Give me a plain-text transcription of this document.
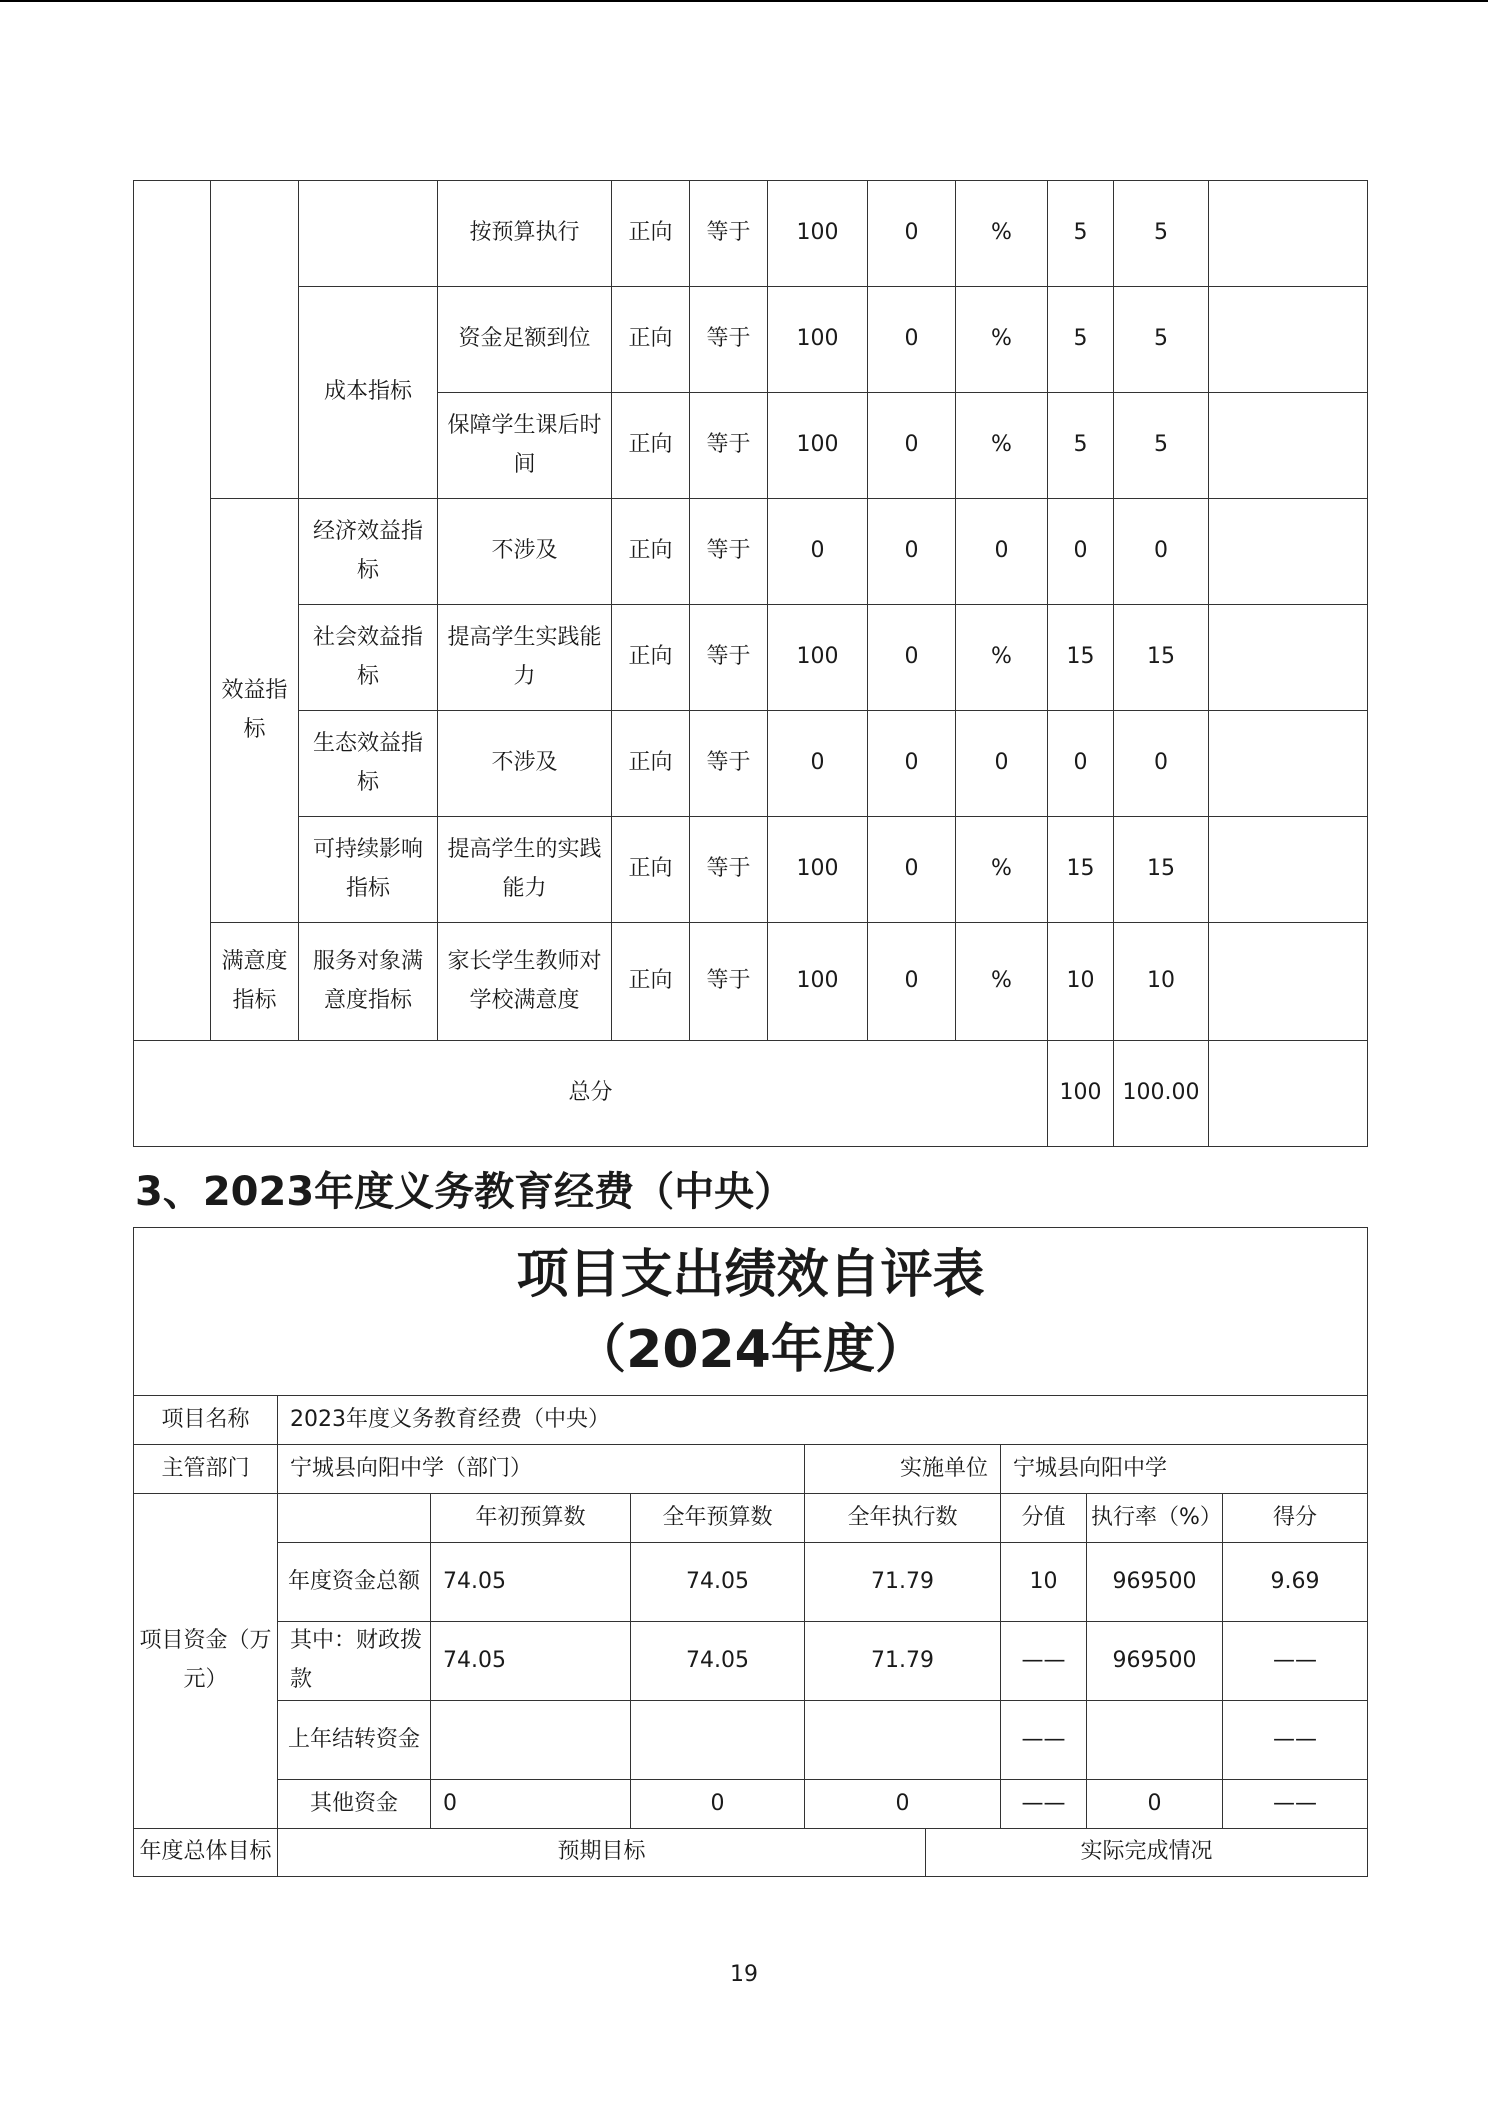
			按预算执行	正向	等于	100	0	%	5	5	
		成本指标	资金足额到位	正向	等于	100	0	%	5	5	
			保障学生课后时间	正向	等于	100	0	%	5	5	
	效益指标	经济效益指标	不涉及	正向	等于	0	0	0	0	0	
		社会效益指标	提高学生实践能力	正向	等于	100	0	%	15	15	
		生态效益指标	不涉及	正向	等于	0	0	0	0	0	
		可持续影响指标	提高学生的实践能力	正向	等于	100	0	%	15	15	
	满意度指标	服务对象满意度指标	家长学生教师对学校满意度	正向	等于	100	0	%	10	10	
总分									100	100.00	
3、2023年度义务教育经费（中央）
项目支出绩效自评表
（2024年度）								

项目名称	2023年度义务教育经费（中央）							
主管部门	宁城县向阳中学（部门）			实施单位		宁城县向阳中学		
项目资金（万元）		年初预算数	全年预算数	全年执行数		分值	执行率（%）	得分
	年度资金总额	74.05	74.05	71.79		10	969500	9.69
	其中：财政拨款	74.05	74.05	71.79		——	969500	——
	上年结转资金					——		——
	其他资金	0	0	0		——	0	——
年度总体目标	预期目标				实际完成情况			
19
